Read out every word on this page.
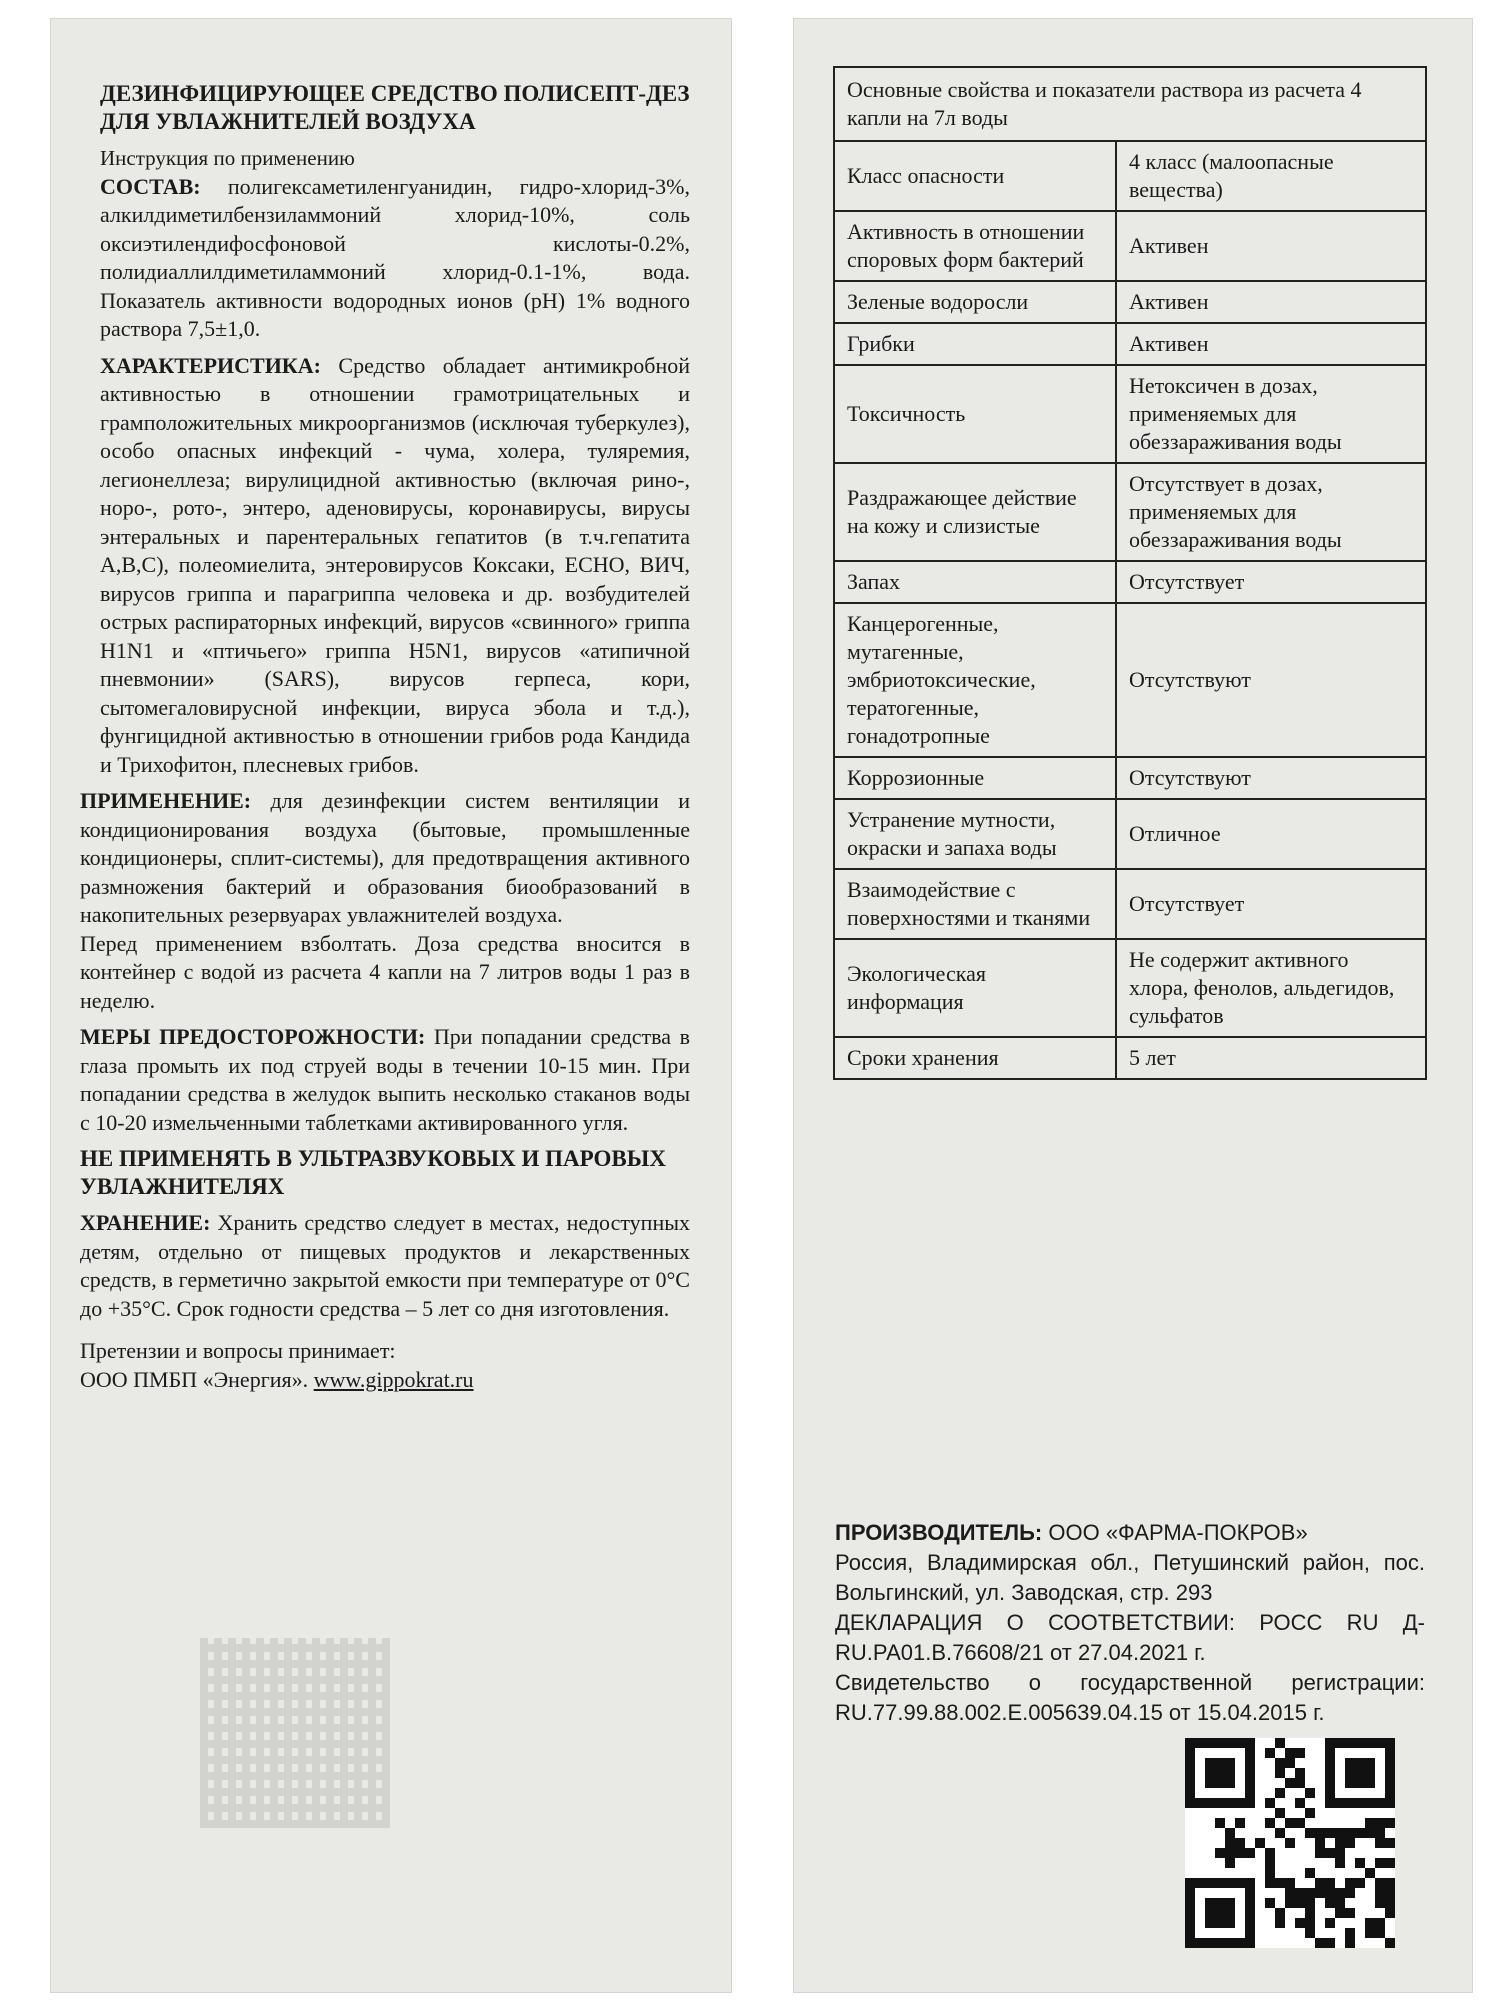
ДЕЗИНФИЦИРУЮЩЕЕ СРЕДСТВО ПОЛИСЕПТ-ДЕЗ ДЛЯ УВЛАЖНИТЕЛЕЙ ВОЗДУХА
Инструкция по применению

СОСТАВ: полигексаметиленгуанидин, гидро-хлорид-3%, алкилдиметилбензиламмоний хлорид-10%, соль оксиэтилендифосфоновой кислоты-0.2%, полидиаллилдиметиламмоний хлорид-0.1-1%, вода. Показатель активности водородных ионов (рН) 1% водного раствора 7,5±1,0.

ХАРАКТЕРИСТИКА: Средство обладает антимикробной активностью в отношении грамотрицательных и грамположительных микроорганизмов (исключая туберкулез), особо опасных инфекций - чума, холера, туляремия, легионеллеза; вирулицидной активностью (включая рино-, норо-, рото-, энтеро, аденовирусы, коронавирусы, вирусы энтеральных и парентеральных гепатитов (в т.ч.гепатита А,В,С), полеомиелита, энтеровирусов Коксаки, ЕСНО, ВИЧ, вирусов гриппа и парагриппа человека и др. возбудителей острых распираторных инфекций, вирусов «свинного» гриппа H1N1 и «птичьего» гриппа H5N1, вирусов «атипичной пневмонии» (SARS), вирусов герпеса, кори, сытомегаловирусной инфекции, вируса эбола и т.д.), фунгицидной активностью в отношении грибов рода Кандида и Трихофитон, плесневых грибов.

ПРИМЕНЕНИЕ: для дезинфекции систем вентиляции и кондиционирования воздуха (бытовые, промышленные кондиционеры, сплит-системы), для предотвращения активного размножения бактерий и образования биообразований в накопительных резервуарах увлажнителей воздуха.

Перед применением взболтать. Доза средства вносится в контейнер с водой из расчета 4 капли на 7 литров воды 1 раз в неделю.

МЕРЫ ПРЕДОСТОРОЖНОСТИ: При попадании средства в глаза промыть их под струей воды в течении 10-15 мин. При попадании средства в желудок выпить несколько стаканов воды с 10-20 измельченными таблетками активированного угля.

НЕ ПРИМЕНЯТЬ В УЛЬТРАЗВУКОВЫХ И ПАРОВЫХ УВЛАЖНИТЕЛЯХ

ХРАНЕНИЕ: Хранить средство следует в местах, недоступных детям, отдельно от пищевых продуктов и лекарственных средств, в герметично закрытой емкости при температуре от 0°С до +35°С. Срок годности средства – 5 лет со дня изготовления.

Претензии и вопросы принимает:
ООО ПМБП «Энергия». www.gippokrat.ru
Основные свойства и показатели раствора из расчета 4 капли на 7л воды	
Класс опасности	4 класс (малоопасные вещества)
Активность в отношении споровых форм бактерий	Активен
Зеленые водоросли	Активен
Грибки	Активен
Токсичность	Нетоксичен в дозах, применяемых для обеззараживания воды
Раздражающее действие на кожу и слизистые	Отсутствует в дозах, применяемых для обеззараживания воды
Запах	Отсутствует
Канцерогенные, мутагенные, эмбриотоксические, тератогенные, гонадотропные	Отсутствуют
Коррозионные	Отсутствуют
Устранение мутности, окраски и запаха воды	Отличное
Взаимодействие с поверхностями и тканями	Отсутствует
Экологическая информация	Не содержит активного хлора, фенолов, альдегидов, сульфатов
Сроки хранения	5 лет
ПРОИЗВОДИТЕЛЬ: ООО «ФАРМА-ПОКРОВ»
Россия, Владимирская обл., Петушинский район, пос. Вольгинский, ул. Заводская, стр. 293
ДЕКЛАРАЦИЯ О СООТВЕТСТВИИ: РОСС RU Д-RU.РА01.В.76608/21 от 27.04.2021 г.
Свидетельство о государственной регистрации: RU.77.99.88.002.Е.005639.04.15 от 15.04.2015 г.
